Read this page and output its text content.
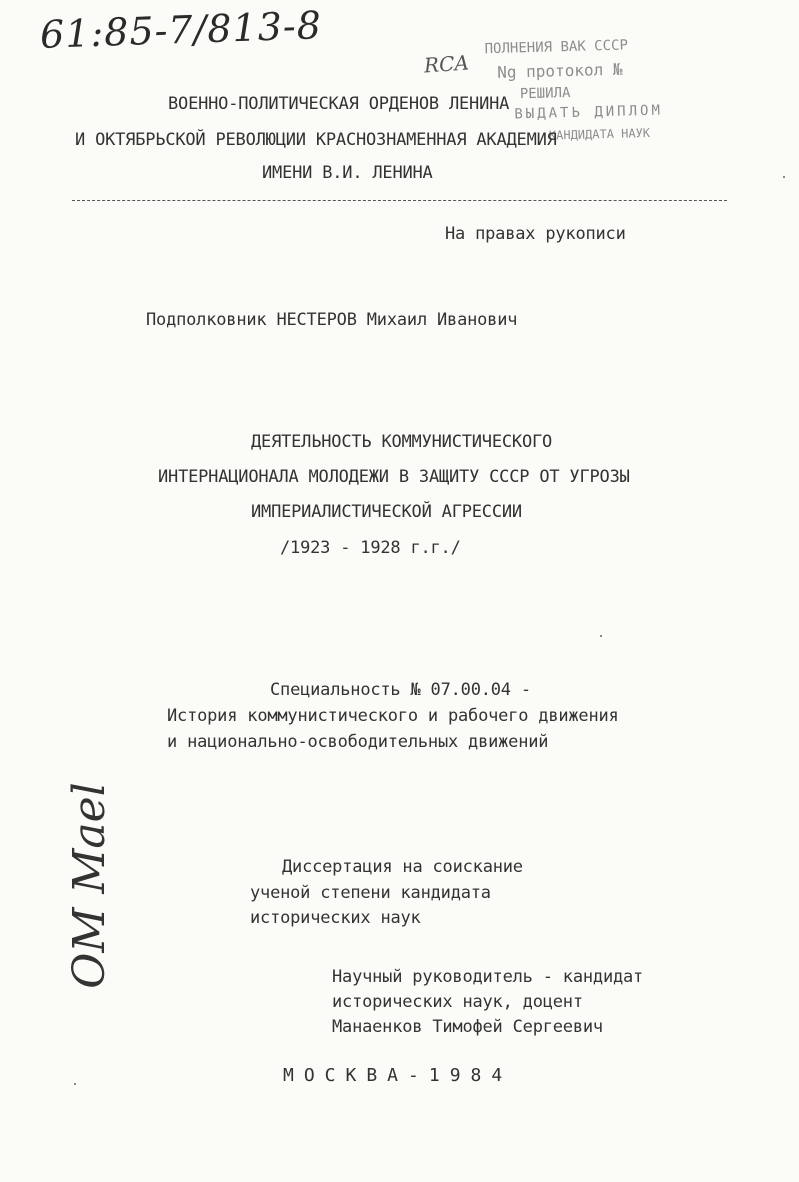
61:85-7/813-8
RCA
ПОЛНЕНИЯ ВАК СССР
Ng протокол №
РЕШИЛА
ВЫДАТЬ ДИПЛОМ
КАНДИДАТА НАУК
ВОЕННО-ПОЛИТИЧЕСКАЯ ОРДЕНОВ ЛЕНИНА
И ОКТЯБРЬСКОЙ РЕВОЛЮЦИИ КРАСНОЗНАМЕННАЯ АКАДЕМИЯ
ИМЕНИ В.И. ЛЕНИНА
На правах рукописи
Подполковник НЕСТЕРОВ Михаил Иванович
ДЕЯТЕЛЬНОСТЬ КОММУНИСТИЧЕСКОГО
ИНТЕРНАЦИОНАЛА МОЛОДЕЖИ В ЗАЩИТУ СССР ОТ УГРОЗЫ
ИМПЕРИАЛИСТИЧЕСКОЙ АГРЕССИИ
/1923 - 1928 г.г./
Специальность № 07.00.04 -
История коммунистического и рабочего движения
и национально-освободительных движений
OM Mael	Диссертация на соискание
ученой степени кандидата
исторических наук
Научный руководитель - кандидат
исторических наук, доцент
Манаенков Тимофей Сергеевич
МОСКВА-1984
